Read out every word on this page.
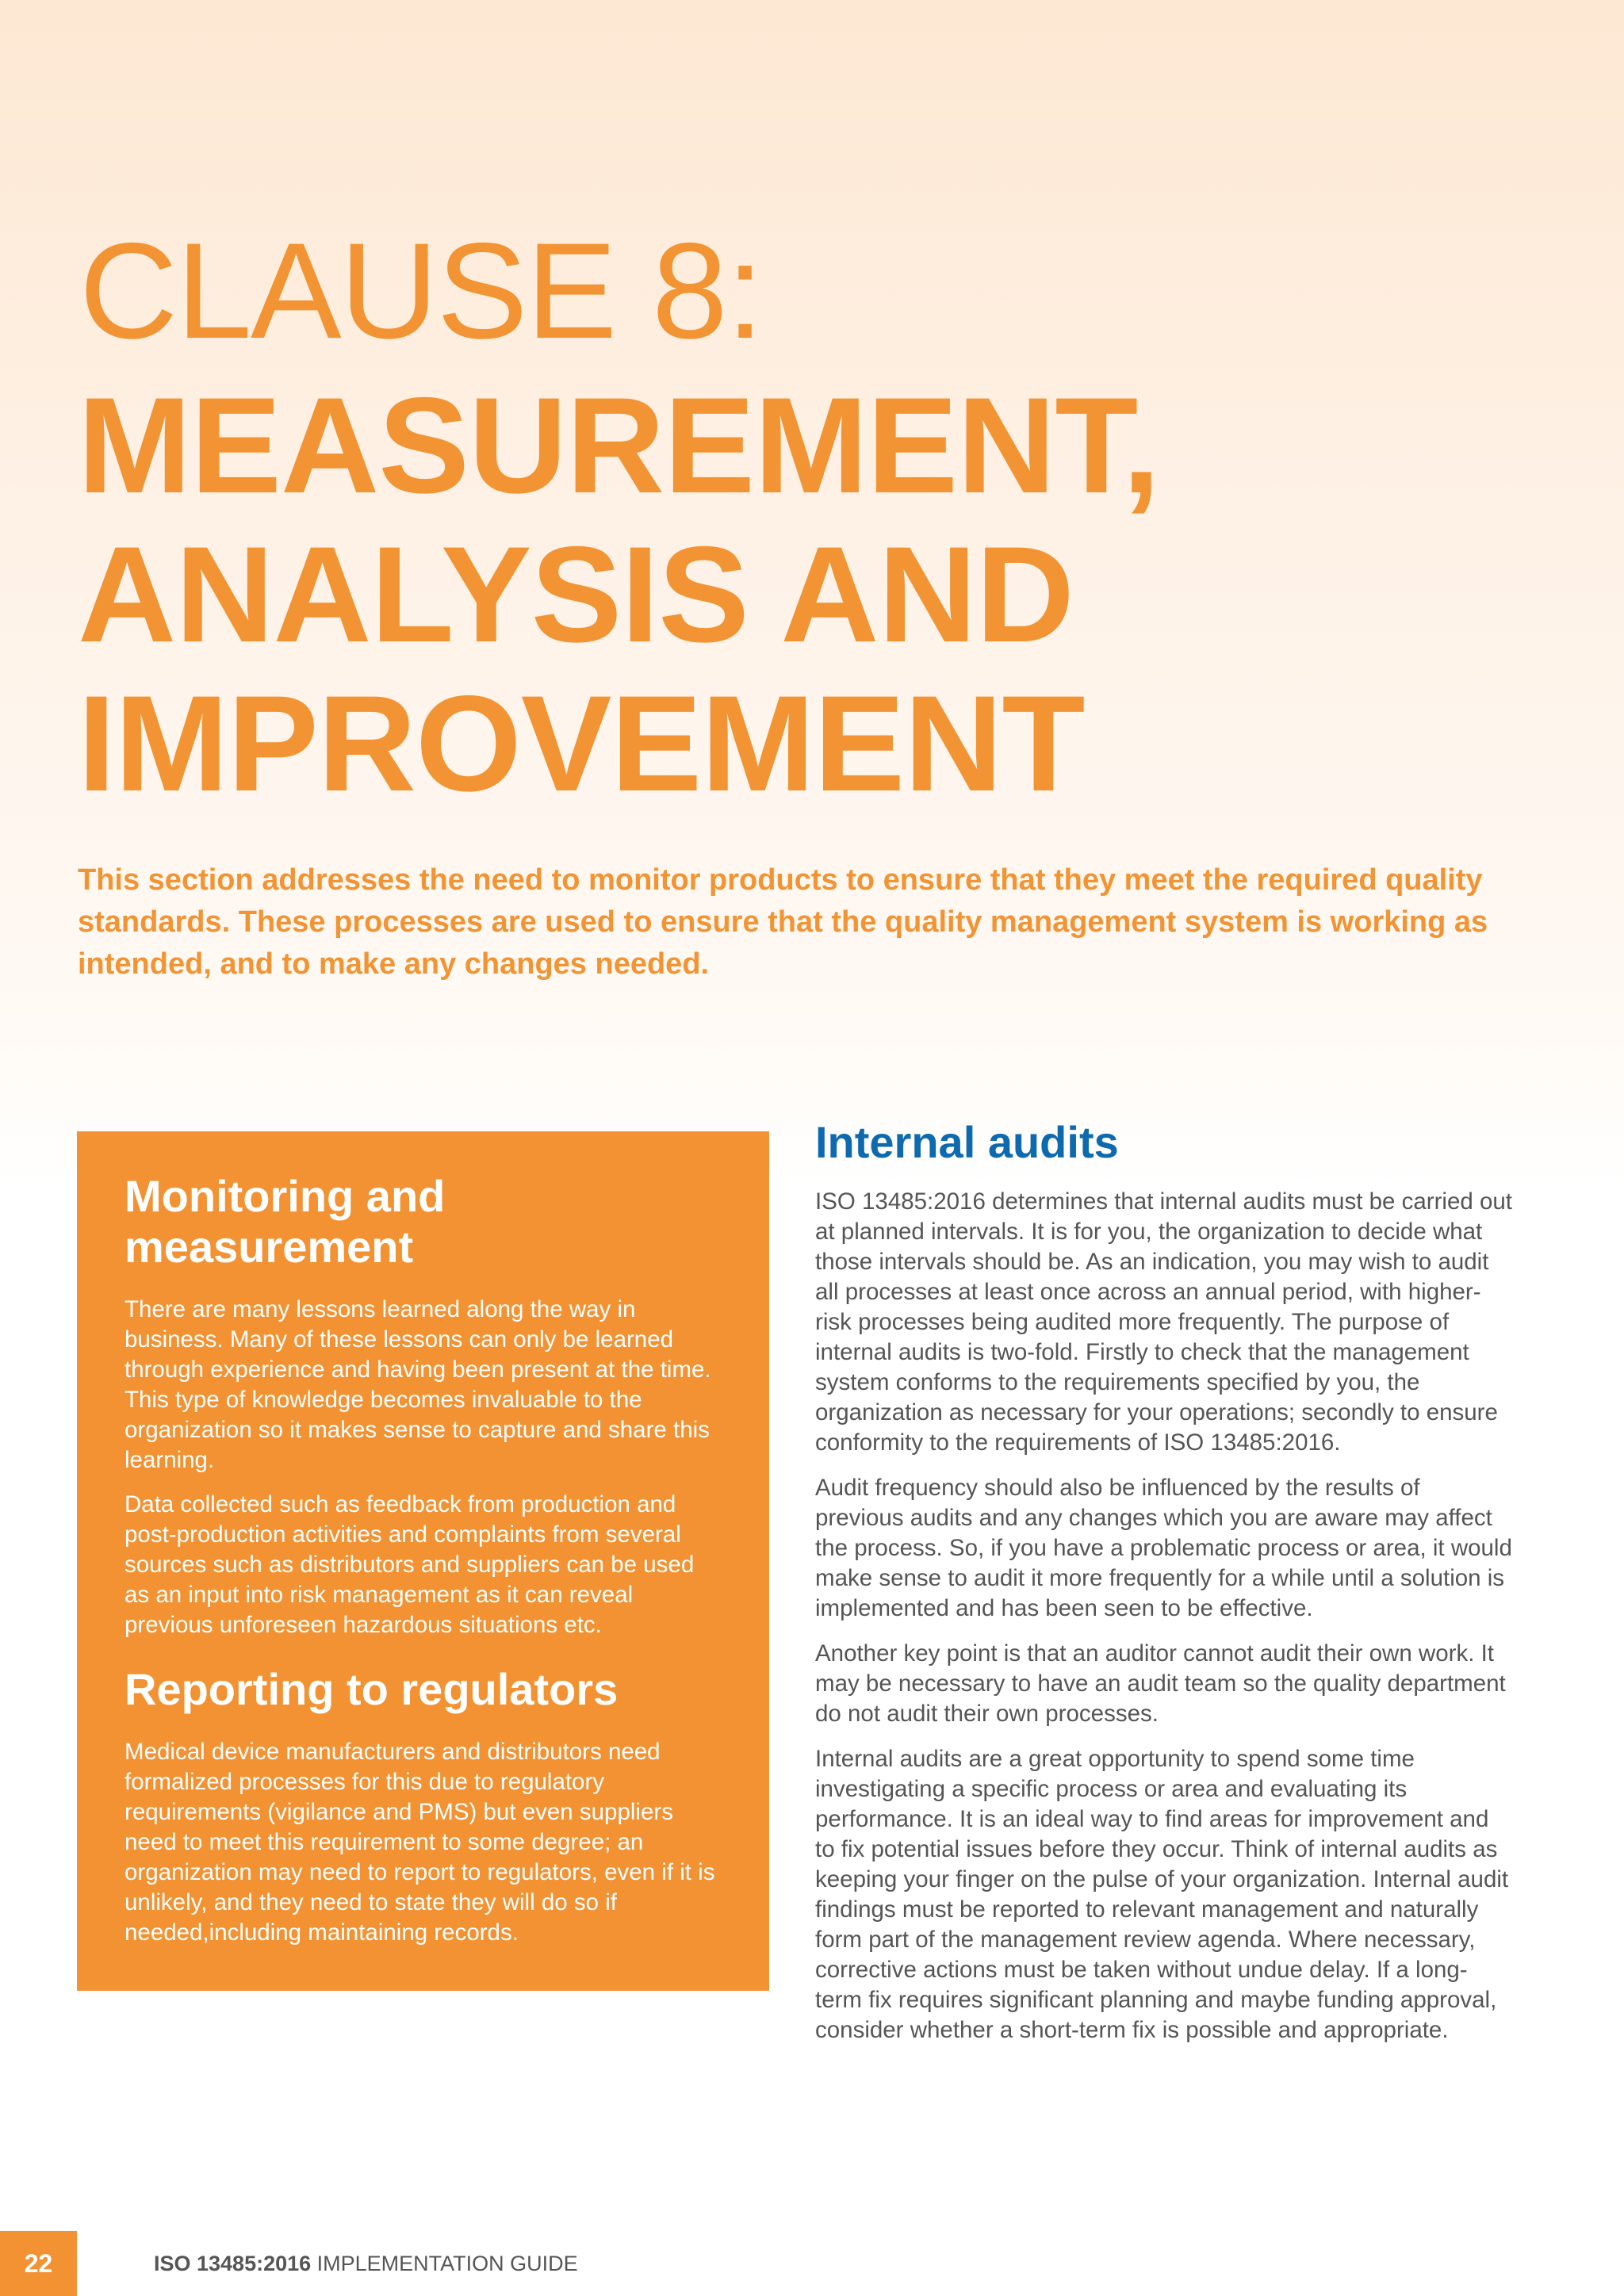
CLAUSE 8:
MEASUREMENT,
ANALYSIS AND
IMPROVEMENT

This section addresses the need to monitor products to ensure that they meet the required quality standards. These processes are used to ensure that the quality management system is working as intended, and to make any changes needed.

Monitoring and measurement

There are many lessons learned along the way in business. Many of these lessons can only be learned through experience and having been present at the time. This type of knowledge becomes invaluable to the organization so it makes sense to capture and share this learning.

Data collected such as feedback from production and post-production activities and complaints from several sources such as distributors and suppliers can be used as an input into risk management as it can reveal previous unforeseen hazardous situations etc.

Reporting to regulators

Medical device manufacturers and distributors need formalized processes for this due to regulatory requirements (vigilance and PMS) but even suppliers need to meet this requirement to some degree; an organization may need to report to regulators, even if it is unlikely, and they need to state they will do so if needed,including maintaining records.

Internal audits

ISO 13485:2016 determines that internal audits must be carried out at planned intervals. It is for you, the organization to decide what those intervals should be. As an indication, you may wish to audit all processes at least once across an annual period, with higher-risk processes being audited more frequently. The purpose of internal audits is two-fold. Firstly to check that the management system conforms to the requirements specified by you, the organization as necessary for your operations; secondly to ensure conformity to the requirements of ISO 13485:2016.

Audit frequency should also be influenced by the results of previous audits and any changes which you are aware may affect the process. So, if you have a problematic process or area, it would make sense to audit it more frequently for a while until a solution is implemented and has been seen to be effective.

Another key point is that an auditor cannot audit their own work. It may be necessary to have an audit team so the quality department do not audit their own processes.

Internal audits are a great opportunity to spend some time investigating a specific process or area and evaluating its performance. It is an ideal way to find areas for improvement and to fix potential issues before they occur. Think of internal audits as keeping your finger on the pulse of your organization. Internal audit findings must be reported to relevant management and naturally form part of the management review agenda. Where necessary, corrective actions must be taken without undue delay. If a long-term fix requires significant planning and maybe funding approval, consider whether a short-term fix is possible and appropriate.

22	ISO 13485:2016 IMPLEMENTATION GUIDE
